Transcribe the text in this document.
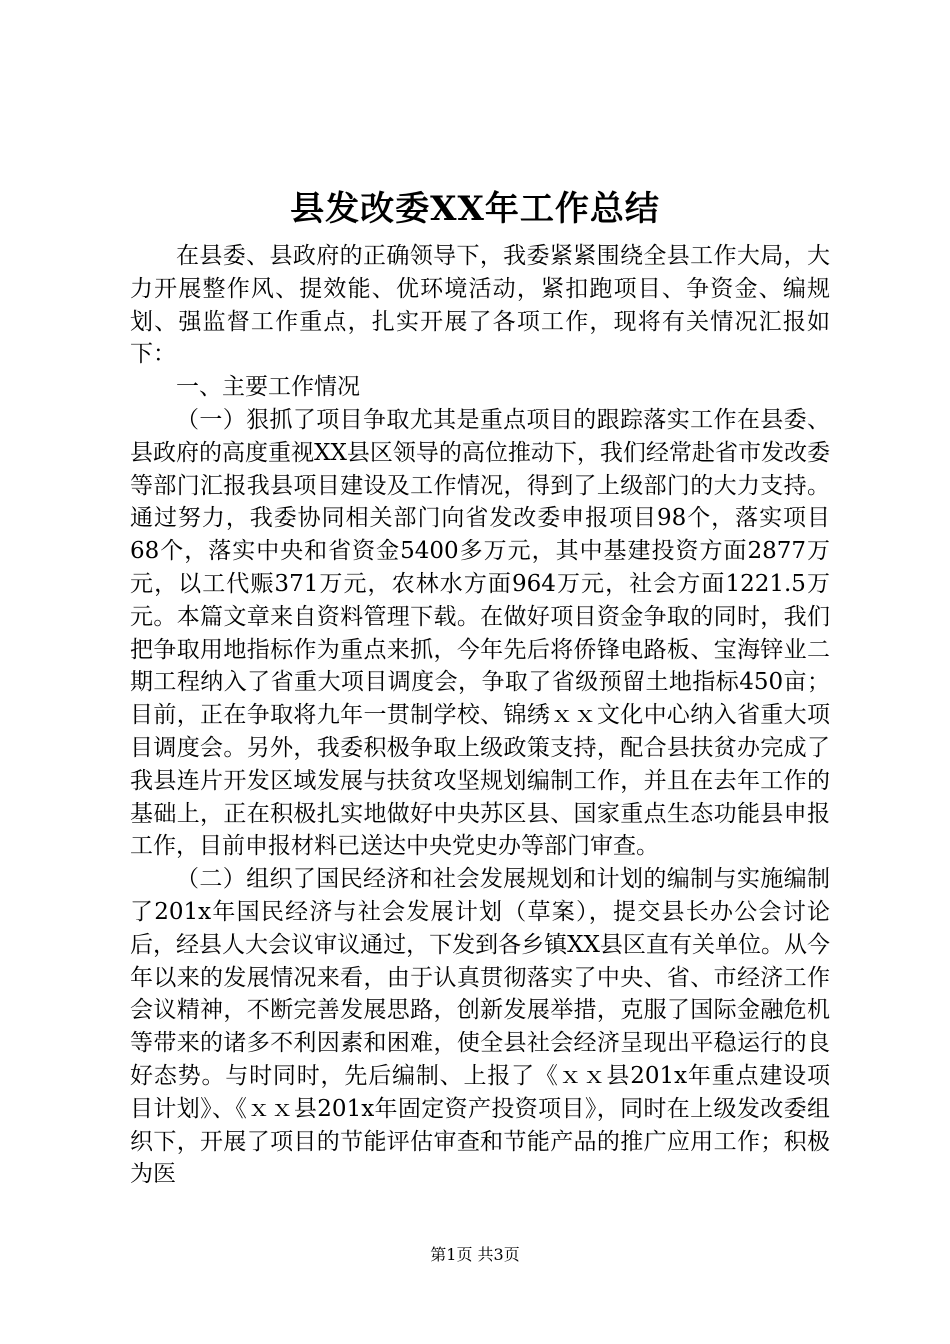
县发改委XX年工作总结

在县委、县政府的正确领导下，我委紧紧围绕全县工作大局，大力开展整作风、提效能、优环境活动，紧扣跑项目、争资金、编规划、强监督工作重点，扎实开展了各项工作，现将有关情况汇报如下：

一、主要工作情况

（一）狠抓了项目争取尤其是重点项目的跟踪落实工作在县委、县政府的高度重视XX县区领导的高位推动下，我们经常赴省市发改委等部门汇报我县项目建设及工作情况，得到了上级部门的大力支持。通过努力，我委协同相关部门向省发改委申报项目98个，落实项目68个，落实中央和省资金5400多万元，其中基建投资方面2877万元，以工代赈371万元，农林水方面964万元，社会方面1221.5万元。本篇文章来自资料管理下载。在做好项目资金争取的同时，我们把争取用地指标作为重点来抓，今年先后将侨锋电路板、宝海锌业二期工程纳入了省重大项目调度会，争取了省级预留土地指标450亩；目前，正在争取将九年一贯制学校、锦绣ｘｘ文化中心纳入省重大项目调度会。另外，我委积极争取上级政策支持，配合县扶贫办完成了我县连片开发区域发展与扶贫攻坚规划编制工作，并且在去年工作的基础上，正在积极扎实地做好中央苏区县、国家重点生态功能县申报工作，目前申报材料已送达中央党史办等部门审查。

（二）组织了国民经济和社会发展规划和计划的编制与实施编制了201x年国民经济与社会发展计划（草案），提交县长办公会讨论后，经县人大会议审议通过，下发到各乡镇XX县区直有关单位。从今年以来的发展情况来看，由于认真贯彻落实了中央、省、市经济工作会议精神，不断完善发展思路，创新发展举措，克服了国际金融危机等带来的诸多不利因素和困难，使全县社会经济呈现出平稳运行的良好态势。与时同时，先后编制、上报了《ｘｘ县201x年重点建设项目计划》、《ｘｘ县201x年固定资产投资项目》，同时在上级发改委组织下，开展了项目的节能评估审查和节能产品的推广应用工作；积极为医

第1页 共3页
